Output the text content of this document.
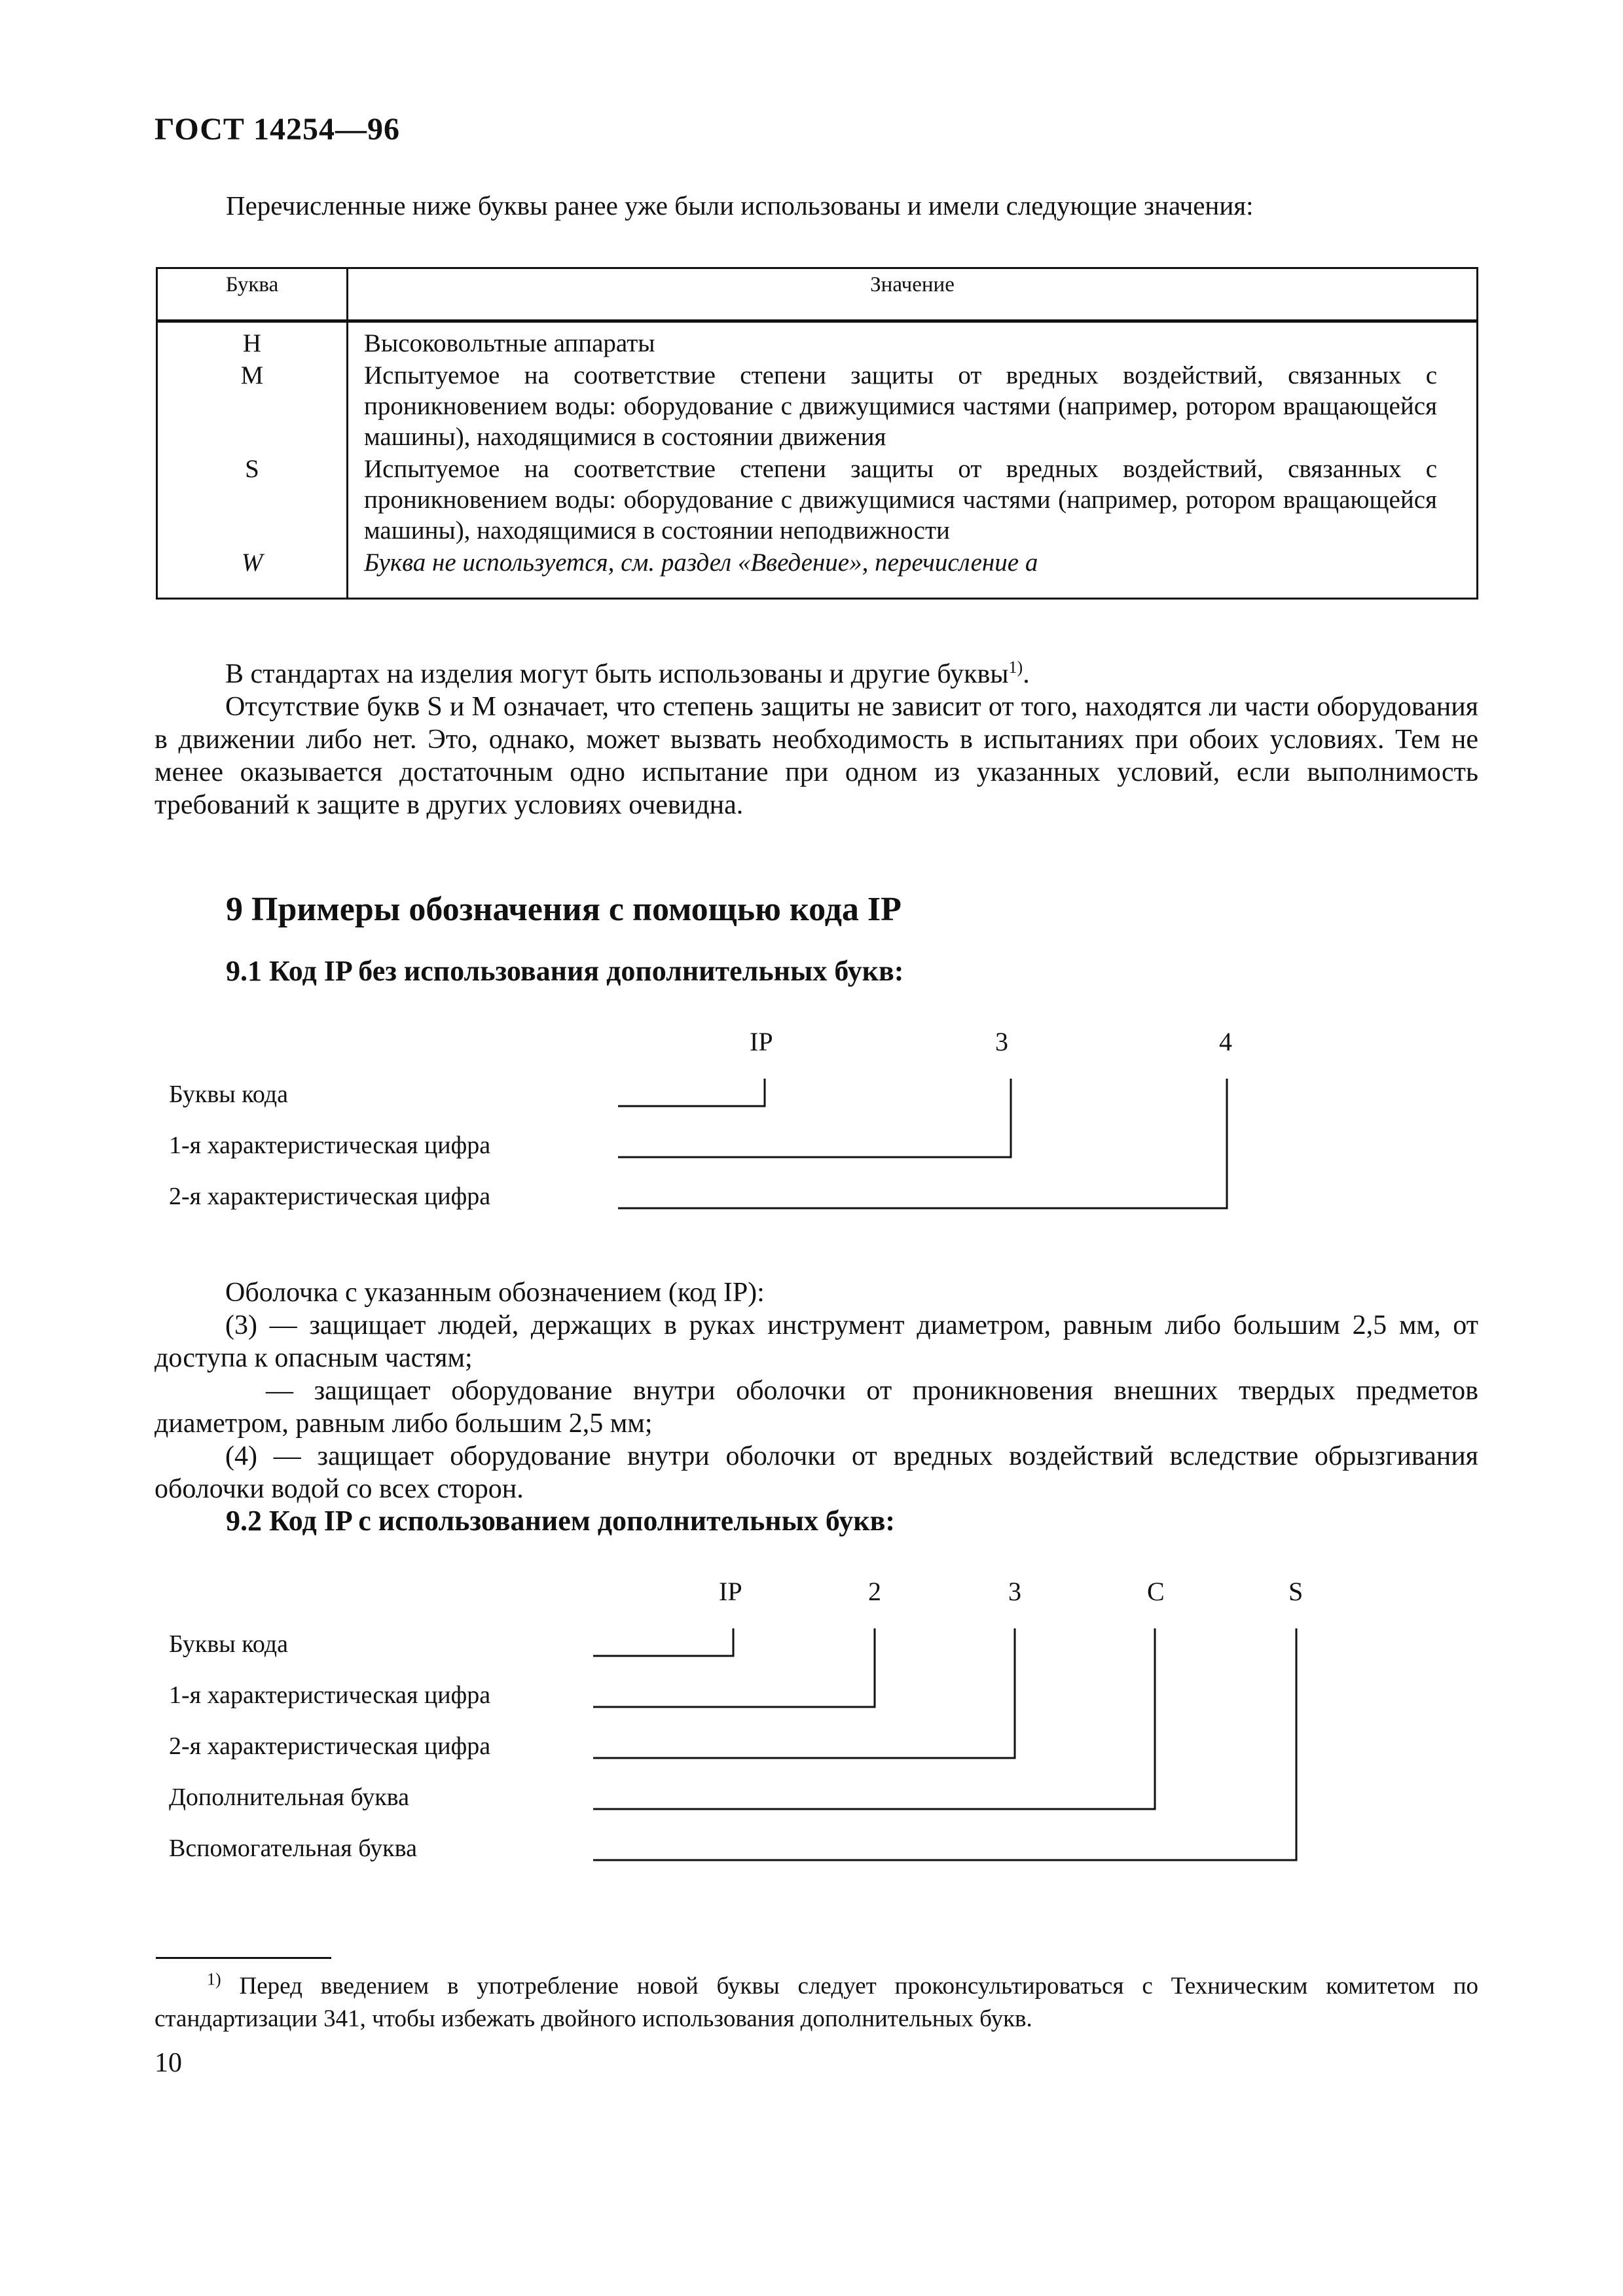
ГОСТ 14254—96
Перечисленные ниже буквы ранее уже были использованы и имели следующие значения:
Буква	Значение
H	Высоковольтные аппараты
M	Испытуемое на соответствие степени защиты от вредных воздействий, связанных с проникновением воды: оборудование с движущимися частями (например, ротором вращающейся машины), находящимися в состоянии движения
S	Испытуемое на соответствие степени защиты от вредных воздействий, связанных с проникновением воды: оборудование с движущимися частями (например, ротором вращающейся машины), находящимися в состоянии неподвижности
W	Буква не используется, см. раздел «Введение», перечисление a

В стандартах на изделия могут быть использованы и другие буквы$^{1)}$.

Отсутствие букв S и M означает, что степень защиты не зависит от того, находятся ли части оборудования в движении либо нет. Это, однако, может вызвать необходимость в испытаниях при обоих условиях. Тем не менее оказывается достаточным одно испытание при одном из указанных условий, если выполнимость требований к защите в других условиях очевидна.

9 Примеры обозначения с помощью кода IP
9.1 Код IP без использования дополнительных букв:
IP	3	4
Буквы кода
1-я характеристическая цифра
2-я характеристическая цифра

Оболочка с указанным обозначением (код IP):

(3) — защищает людей, держащих в руках инструмент диаметром, равным либо большим 2,5 мм, от доступа к опасным частям;

— защищает оборудование внутри оболочки от проникновения внешних твердых предметов диаметром, равным либо большим 2,5 мм;

(4) — защищает оборудование внутри оболочки от вредных воздействий вследствие обрызгивания оболочки водой со всех сторон.

9.2 Код IP с использованием дополнительных букв:
IP	2	3	C	S
Буквы кода
1-я характеристическая цифра
2-я характеристическая цифра
Дополнительная буква
Вспомогательная буква

$^{1)}$ Перед введением в употребление новой буквы следует проконсультироваться с Техническим комитетом по стандартизации 341, чтобы избежать двойного использования дополнительных букв.

10
